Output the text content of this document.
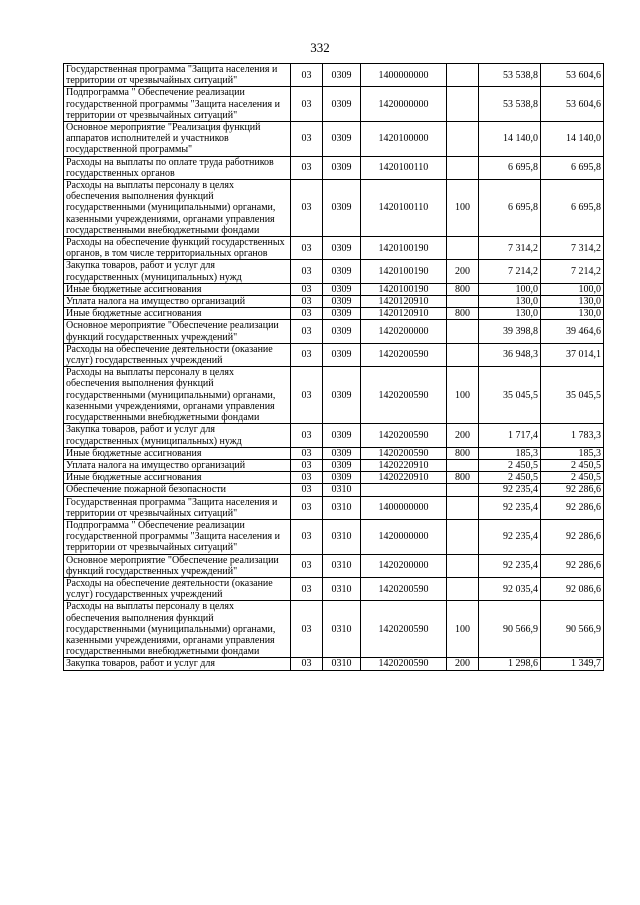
332
Государственная программа "Защита населения и территории от чрезвычайных ситуаций"	03	0309	1400000000		53 538,8	53 604,6
Подпрограмма " Обеспечение реализации государственной программы "Защита населения и территории от чрезвычайных ситуаций"	03	0309	1420000000		53 538,8	53 604,6
Основное мероприятие "Реализация функций аппаратов исполнителей и участников государственной программы"	03	0309	1420100000		14 140,0	14 140,0
Расходы на выплаты по оплате труда работников государственных органов	03	0309	1420100110		6 695,8	6 695,8
Расходы на выплаты персоналу в целях обеспечения выполнения функций государственными (муниципальными) органами, казенными учреждениями, органами управления государственными внебюджетными фондами	03	0309	1420100110	100	6 695,8	6 695,8
Расходы на обеспечение функций государственных органов, в том числе территориальных органов	03	0309	1420100190		7 314,2	7 314,2
Закупка товаров, работ и услуг для государственных (муниципальных) нужд	03	0309	1420100190	200	7 214,2	7 214,2
Иные бюджетные ассигнования	03	0309	1420100190	800	100,0	100,0
Уплата налога на имущество организаций	03	0309	1420120910		130,0	130,0
Иные бюджетные ассигнования	03	0309	1420120910	800	130,0	130,0
Основное мероприятие "Обеспечение реализации функций государственных учреждений"	03	0309	1420200000		39 398,8	39 464,6
Расходы на обеспечение деятельности (оказание услуг) государственных учреждений	03	0309	1420200590		36 948,3	37 014,1
Расходы на выплаты персоналу в целях обеспечения выполнения функций государственными (муниципальными) органами, казенными учреждениями, органами управления государственными внебюджетными фондами	03	0309	1420200590	100	35 045,5	35 045,5
Закупка товаров, работ и услуг для государственных (муниципальных) нужд	03	0309	1420200590	200	1 717,4	1 783,3
Иные бюджетные ассигнования	03	0309	1420200590	800	185,3	185,3
Уплата налога на имущество организаций	03	0309	1420220910		2 450,5	2 450,5
Иные бюджетные ассигнования	03	0309	1420220910	800	2 450,5	2 450,5
Обеспечение пожарной безопасности	03	0310			92 235,4	92 286,6
Государственная программа "Защита населения и территории от чрезвычайных ситуаций"	03	0310	1400000000		92 235,4	92 286,6
Подпрограмма " Обеспечение реализации государственной программы "Защита населения и территории от чрезвычайных ситуаций"	03	0310	1420000000		92 235,4	92 286,6
Основное мероприятие "Обеспечение реализации функций государственных учреждений"	03	0310	1420200000		92 235,4	92 286,6
Расходы на обеспечение деятельности (оказание услуг) государственных учреждений	03	0310	1420200590		92 035,4	92 086,6
Расходы на выплаты персоналу в целях обеспечения выполнения функций государственными (муниципальными) органами, казенными учреждениями, органами управления государственными внебюджетными фондами	03	0310	1420200590	100	90 566,9	90 566,9
Закупка товаров, работ и услуг для	03	0310	1420200590	200	1 298,6	1 349,7
